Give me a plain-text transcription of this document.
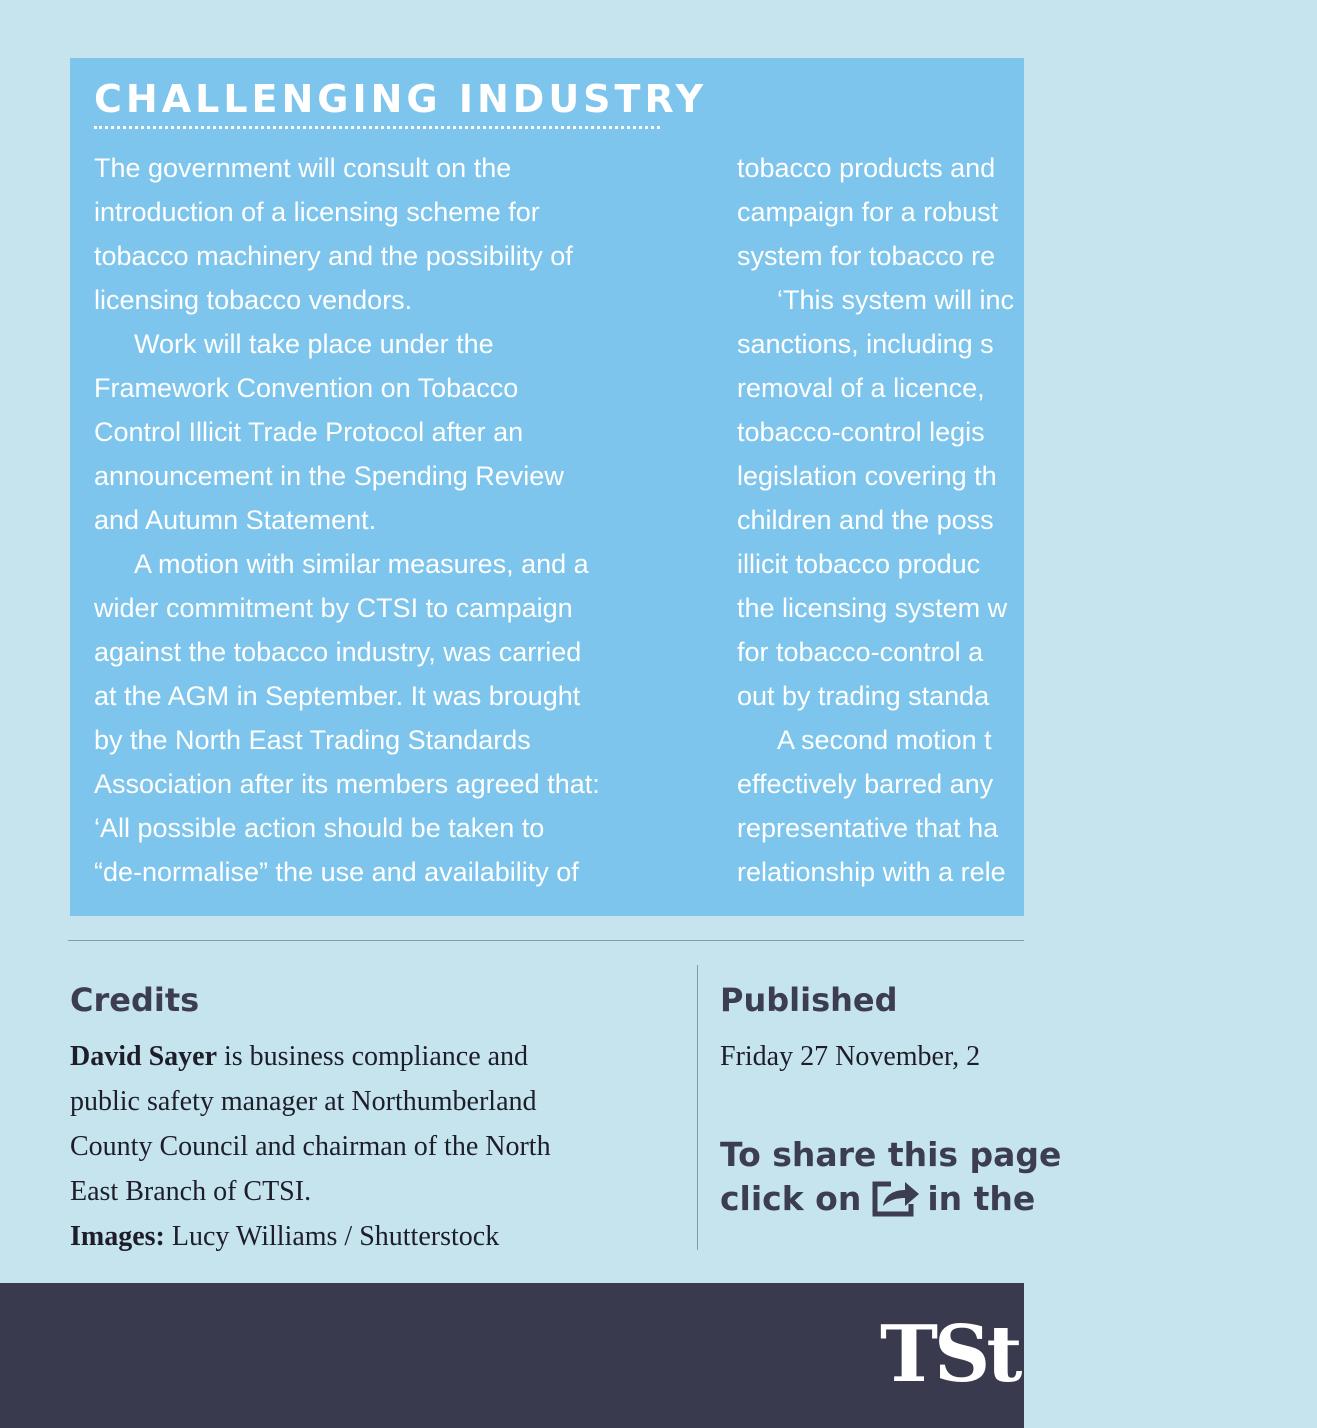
CHALLENGING INDUSTRY

The government will consult on the

introduction of a licensing scheme for

tobacco machinery and the possibility of

licensing tobacco vendors.

Work will take place under the

Framework Convention on Tobacco

Control Illicit Trade Protocol after an

announcement in the Spending Review

and Autumn Statement.

A motion with similar measures, and a

wider commitment by CTSI to campaign

against the tobacco industry, was carried

at the AGM in September. It was brought

by the North East Trading Standards

Association after its members agreed that:

‘All possible action should be taken to

“de-normalise” the use and availability of

tobacco products and

campaign for a robust

system for tobacco re

‘This system will inc

sanctions, including s

removal of a licence,

tobacco-control legis

legislation covering th

children and the poss

illicit tobacco produc

the licensing system w

for tobacco-control a

out by trading standa

A second motion t

effectively barred any

representative that ha

relationship with a rele

Credits

David Sayer is business compliance and

public safety manager at Northumberland

County Council and chairman of the North

East Branch of CTSI.

Images: Lucy Williams / Shutterstock

Published
Friday 27 November, 2
To share this page
click on in the
TSt
